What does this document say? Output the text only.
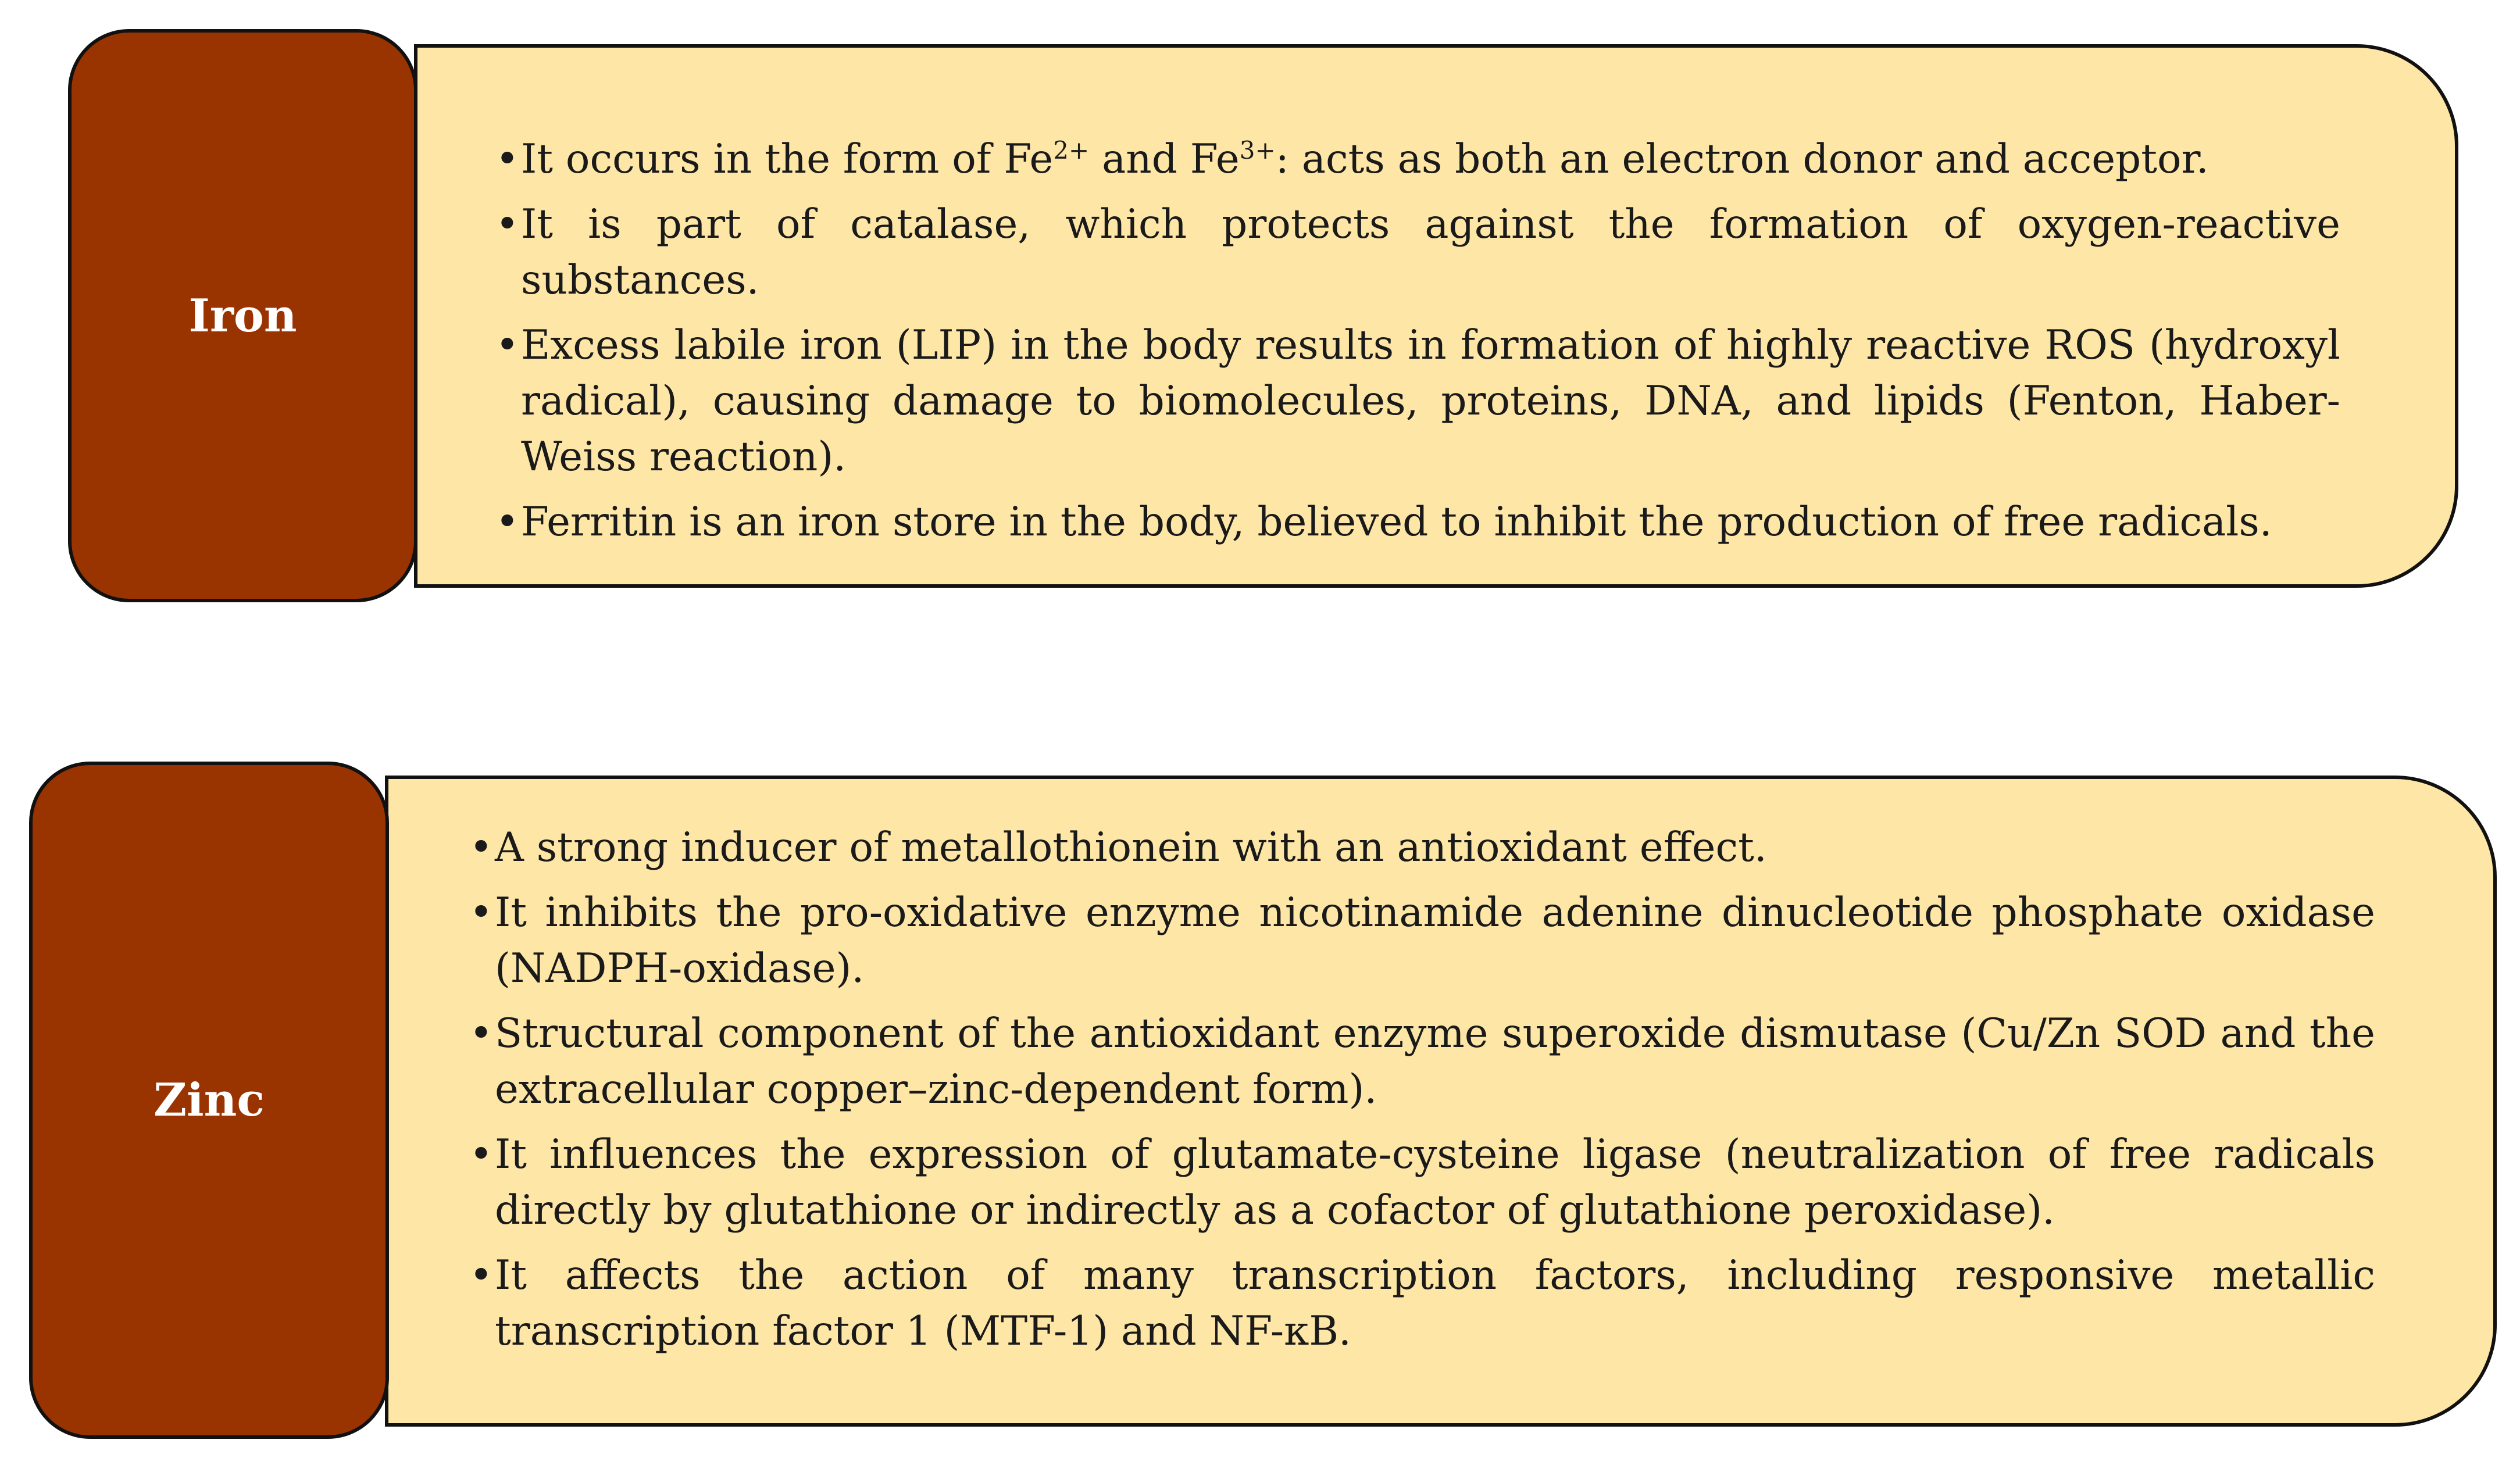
Iron
• It occurs in the form of $Fe^{2+}$ and $Fe^{3+}$: acts as both an electron donor and acceptor.
• It is part of catalase, which protects against the formation of oxygen-reactive substances.
• Excess labile iron (LIP) in the body results in formation of highly reactive ROS (hydroxyl radical), causing damage to biomolecules, proteins, DNA, and lipids (Fenton, Haber-Weiss reaction).
• Ferritin is an iron store in the body, believed to inhibit the production of free radicals.
Zinc
• A strong inducer of metallothionein with an antioxidant effect.
• It inhibits the pro-oxidative enzyme nicotinamide adenine dinucleotide phosphate oxidase (NADPH-oxidase).
• Structural component of the antioxidant enzyme superoxide dismutase (Cu/Zn SOD and the extracellular copper–zinc-dependent form).
• It influences the expression of glutamate-cysteine ligase (neutralization of free radicals directly by glutathione or indirectly as a cofactor of glutathione peroxidase).
• It affects the action of many transcription factors, including responsive metallic transcription factor 1 (MTF-1) and NF-κB.
